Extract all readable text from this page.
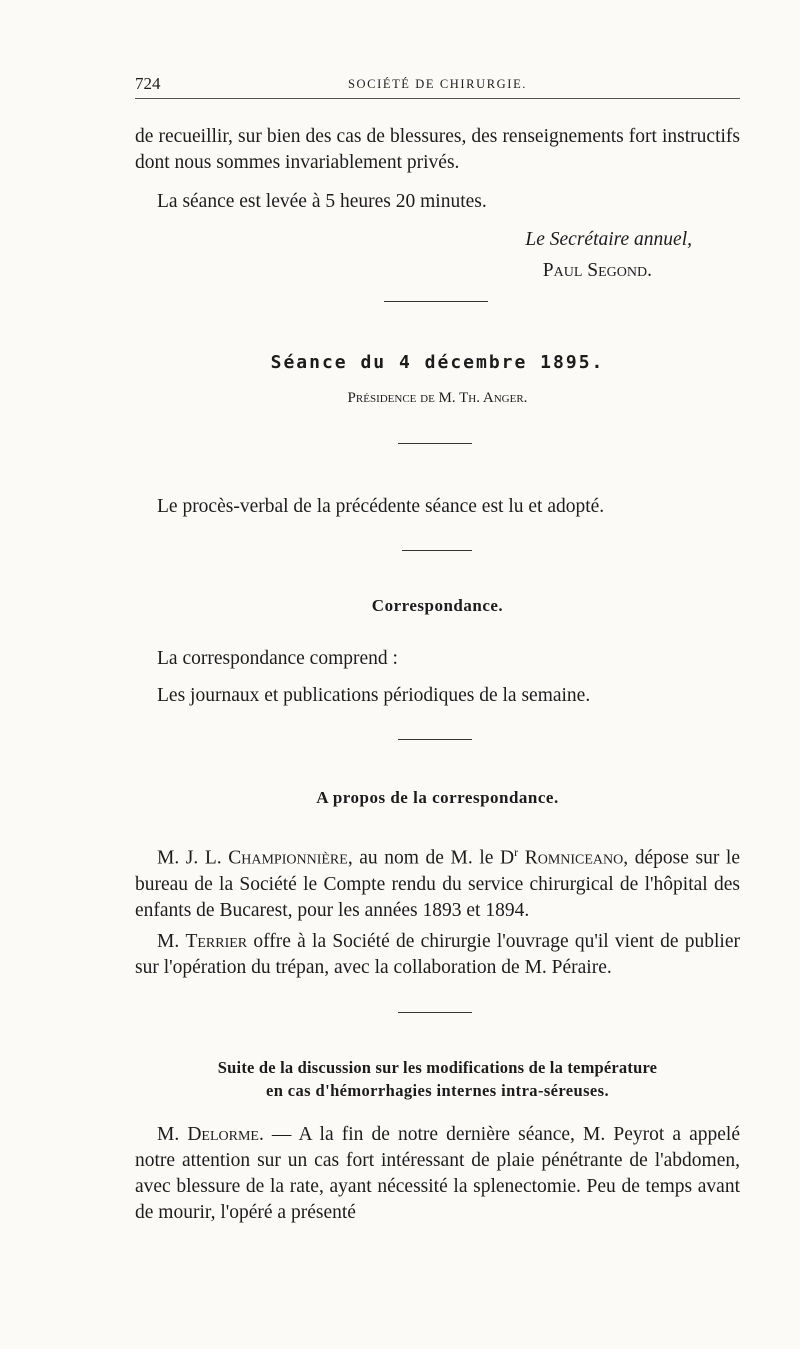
724	SOCIÉTÉ DE CHIRURGIE.
de recueillir, sur bien des cas de blessures, des renseignements fort instructifs dont nous sommes invariablement privés.
La séance est levée à 5 heures 20 minutes.
Le Secrétaire annuel,
Paul Segond.
Séance du 4 décembre 1895.
Présidence de M. Th. Anger.
Le procès-verbal de la précédente séance est lu et adopté.
Correspondance.
La correspondance comprend :
Les journaux et publications périodiques de la semaine.
A propos de la correspondance.
M. J. L. Championnière, au nom de M. le $D^r$ Romniceano, dépose sur le bureau de la Société le Compte rendu du service chirurgical de l'hôpital des enfants de Bucarest, pour les années 1893 et 1894.
M. Terrier offre à la Société de chirurgie l'ouvrage qu'il vient de publier sur l'opération du trépan, avec la collaboration de M. Péraire.
Suite de la discussion sur les modifications de la température
en cas d'hémorrhagies internes intra-séreuses.
M. Delorme. — A la fin de notre dernière séance, M. Peyrot a appelé notre attention sur un cas fort intéressant de plaie pénétrante de l'abdomen, avec blessure de la rate, ayant nécessité la splenectomie. Peu de temps avant de mourir, l'opéré a présenté
